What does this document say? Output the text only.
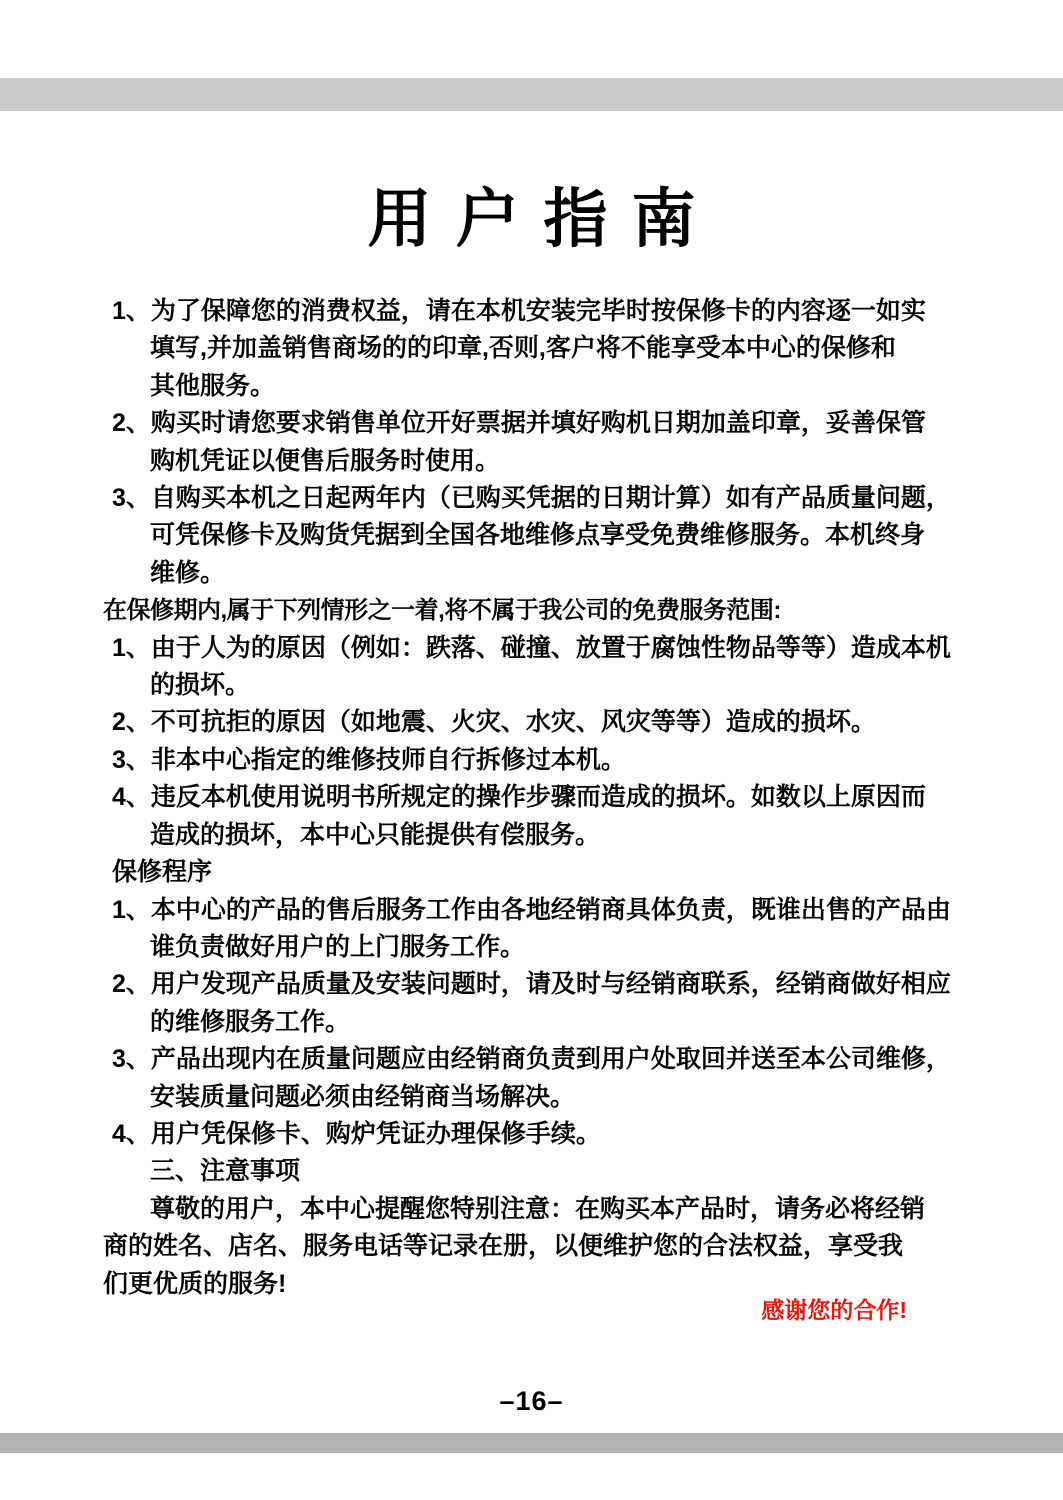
用户指南
1、为了保障您的消费权益，请在本机安装完毕时按保修卡的内容逐一如实
填写,并加盖销售商场的的印章,否则,客户将不能享受本中心的保修和
其他服务。
2、购买时请您要求销售单位开好票据并填好购机日期加盖印章，妥善保管
购机凭证以便售后服务时使用。
3、自购买本机之日起两年内（已购买凭据的日期计算）如有产品质量问题，
可凭保修卡及购货凭据到全国各地维修点享受免费维修服务。本机终身
维修。
在保修期内,属于下列情形之一着,将不属于我公司的免费服务范围:
1、由于人为的原因（例如：跌落、碰撞、放置于腐蚀性物品等等）造成本机
的损坏。
2、不可抗拒的原因（如地震、火灾、水灾、风灾等等）造成的损坏。
3、非本中心指定的维修技师自行拆修过本机。
4、违反本机使用说明书所规定的操作步骤而造成的损坏。如数以上原因而
造成的损坏，本中心只能提供有偿服务。
保修程序
1、本中心的产品的售后服务工作由各地经销商具体负责，既谁出售的产品由
谁负责做好用户的上门服务工作。
2、用户发现产品质量及安装问题时，请及时与经销商联系，经销商做好相应
的维修服务工作。
3、产品出现内在质量问题应由经销商负责到用户处取回并送至本公司维修，
安装质量问题必须由经销商当场解决。
4、用户凭保修卡、购炉凭证办理保修手续。
三、注意事项
尊敬的用户，本中心提醒您特别注意：在购买本产品时，请务必将经销
商的姓名、店名、服务电话等记录在册，以便维护您的合法权益，享受我
们更优质的服务!
感谢您的合作!
–16–
